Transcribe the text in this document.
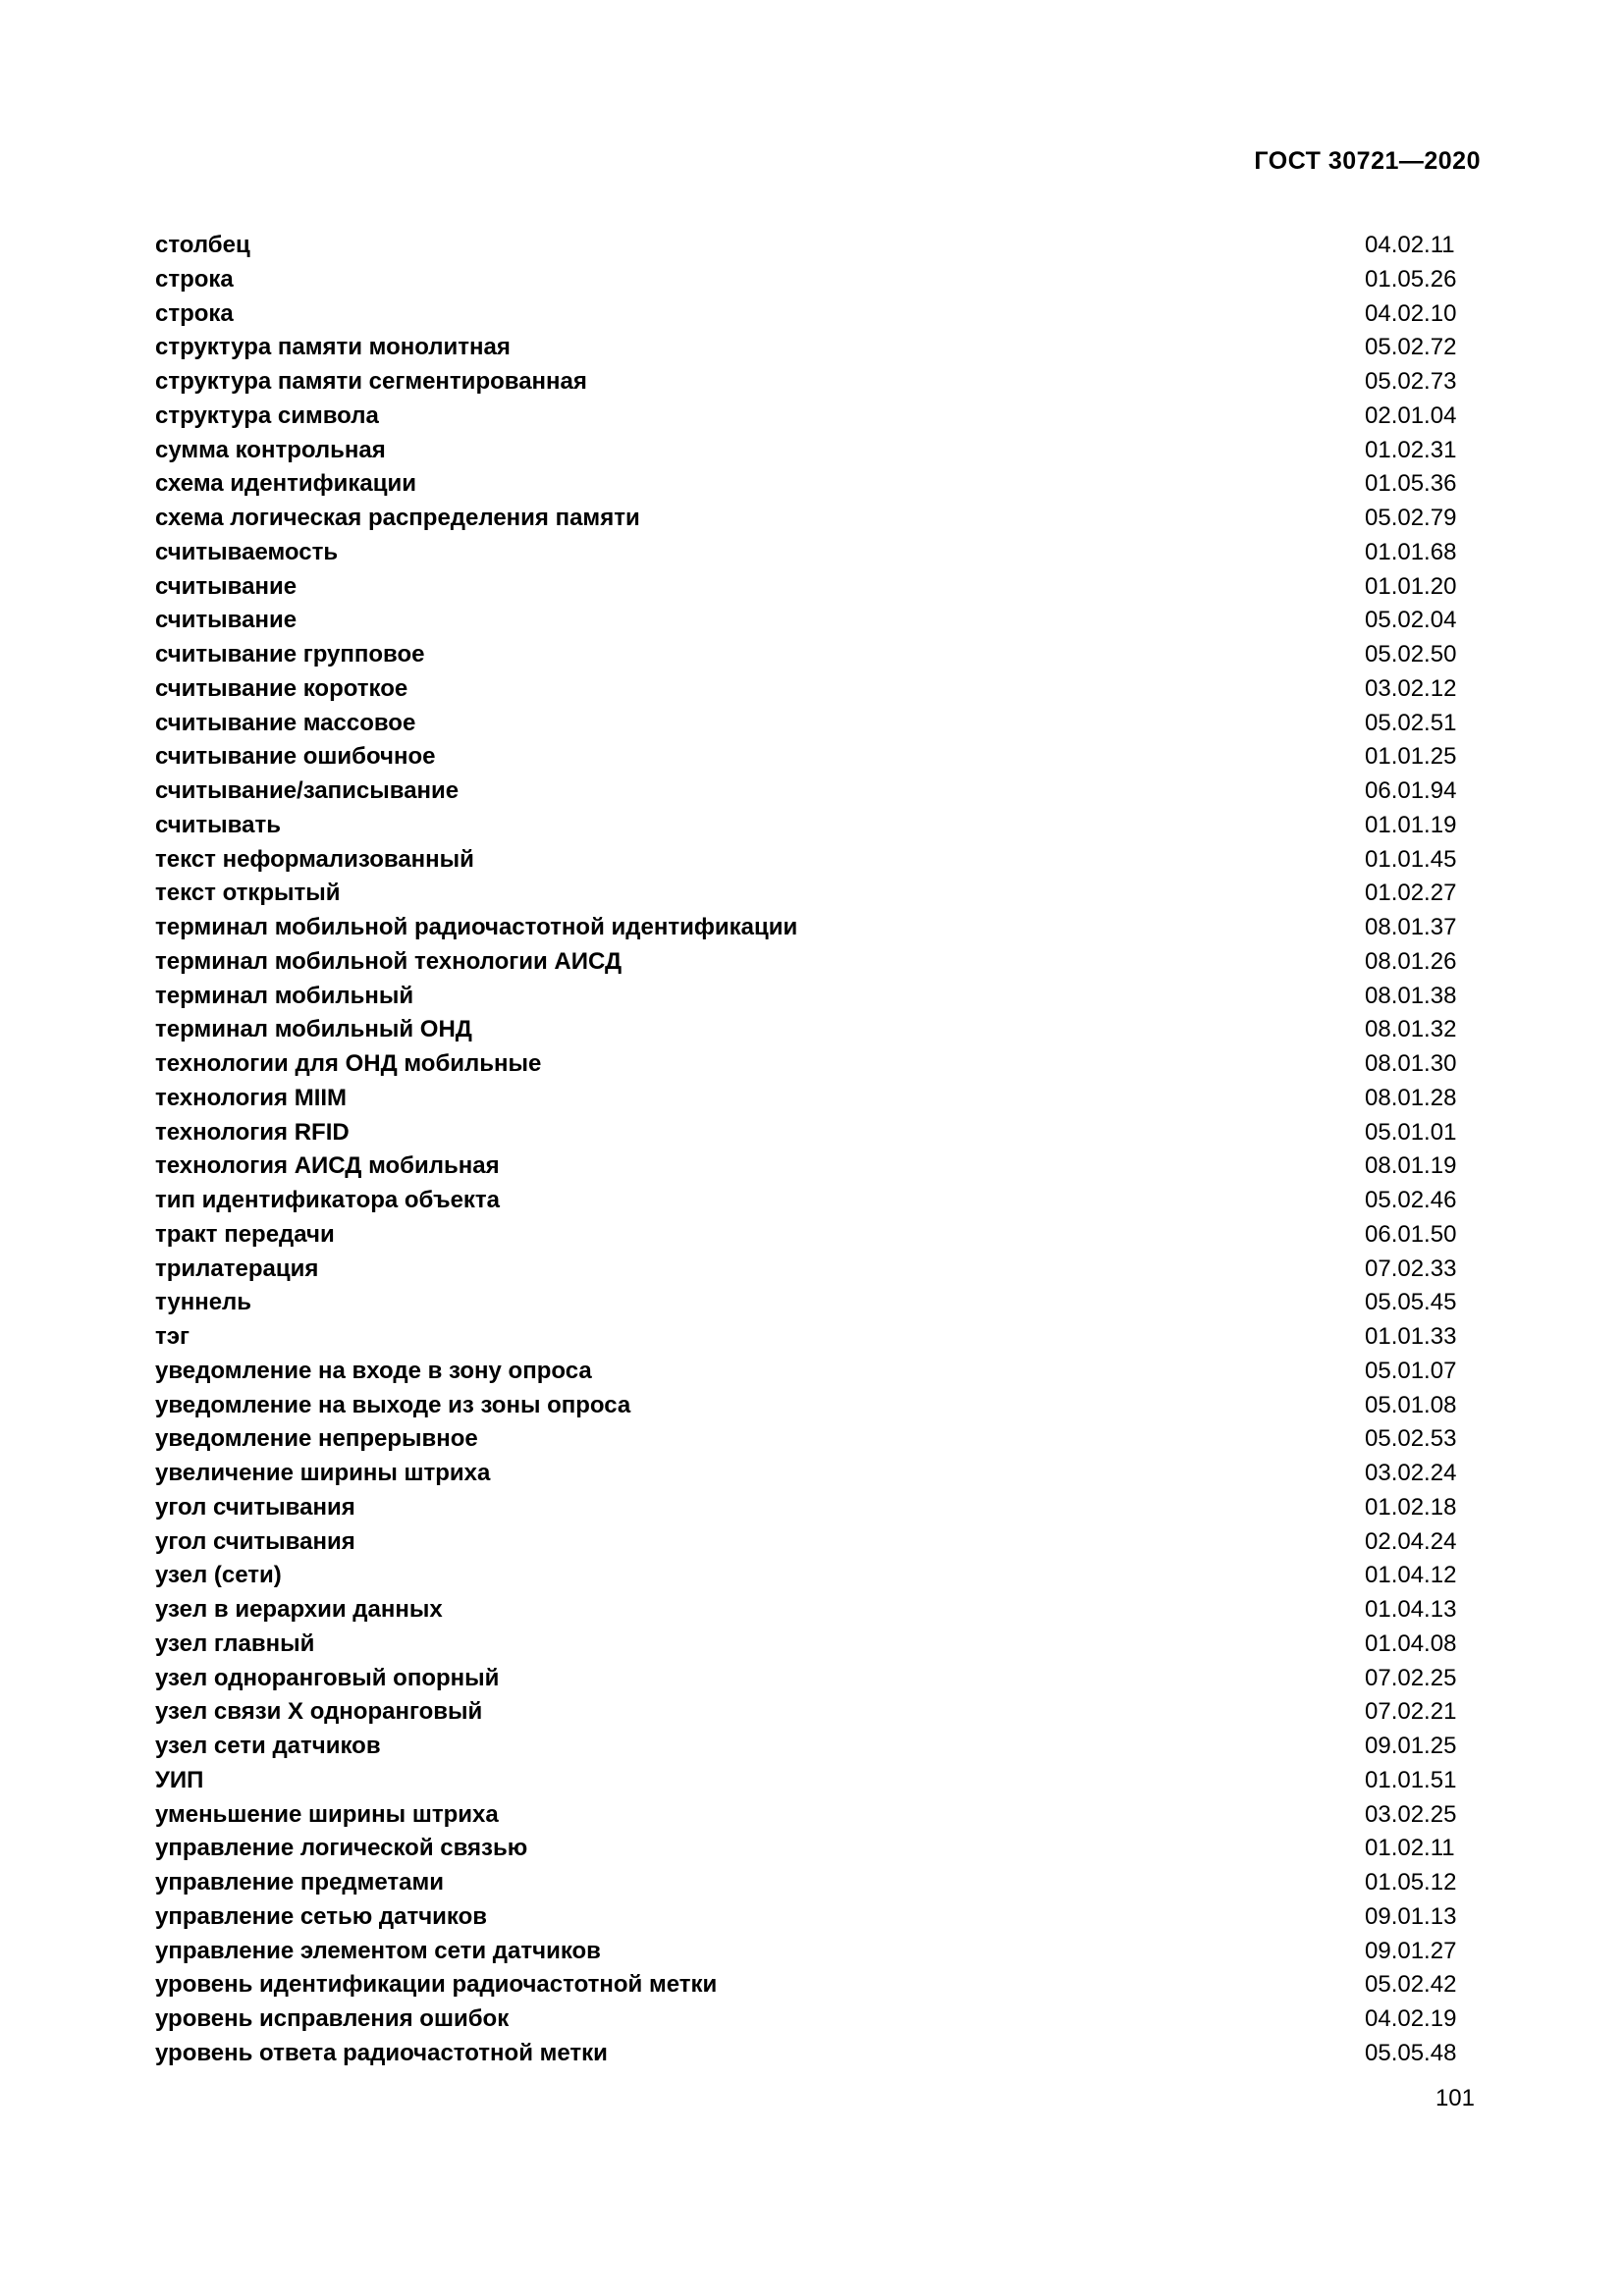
ГОСТ 30721—2020
столбец	04.02.11
строка	01.05.26
строка	04.02.10
структура памяти монолитная	05.02.72
структура памяти сегментированная	05.02.73
структура символа	02.01.04
сумма контрольная	01.02.31
схема идентификации	01.05.36
схема логическая распределения памяти	05.02.79
считываемость	01.01.68
считывание	01.01.20
считывание	05.02.04
считывание групповое	05.02.50
считывание короткое	03.02.12
считывание массовое	05.02.51
считывание ошибочное	01.01.25
считывание/записывание	06.01.94
считывать	01.01.19
текст неформализованный	01.01.45
текст открытый	01.02.27
терминал мобильной радиочастотной идентификации	08.01.37
терминал мобильной технологии АИСД	08.01.26
терминал мобильный	08.01.38
терминал мобильный ОНД	08.01.32
технологии для ОНД мобильные	08.01.30
технология MIIM	08.01.28
технология RFID	05.01.01
технология АИСД мобильная	08.01.19
тип идентификатора объекта	05.02.46
тракт передачи	06.01.50
трилатерация	07.02.33
туннель	05.05.45
тэг	01.01.33
уведомление на входе в зону опроса	05.01.07
уведомление на выходе из зоны опроса	05.01.08
уведомление непрерывное	05.02.53
увеличение ширины штриха	03.02.24
угол считывания	01.02.18
угол считывания	02.04.24
узел (сети)	01.04.12
узел в иерархии данных	01.04.13
узел главный	01.04.08
узел одноранговый опорный	07.02.25
узел связи X одноранговый	07.02.21
узел сети датчиков	09.01.25
УИП	01.01.51
уменьшение ширины штриха	03.02.25
управление логической связью	01.02.11
управление предметами	01.05.12
управление сетью датчиков	09.01.13
управление элементом сети датчиков	09.01.27
уровень идентификации радиочастотной метки	05.02.42
уровень исправления ошибок	04.02.19
уровень ответа радиочастотной метки	05.05.48
101
